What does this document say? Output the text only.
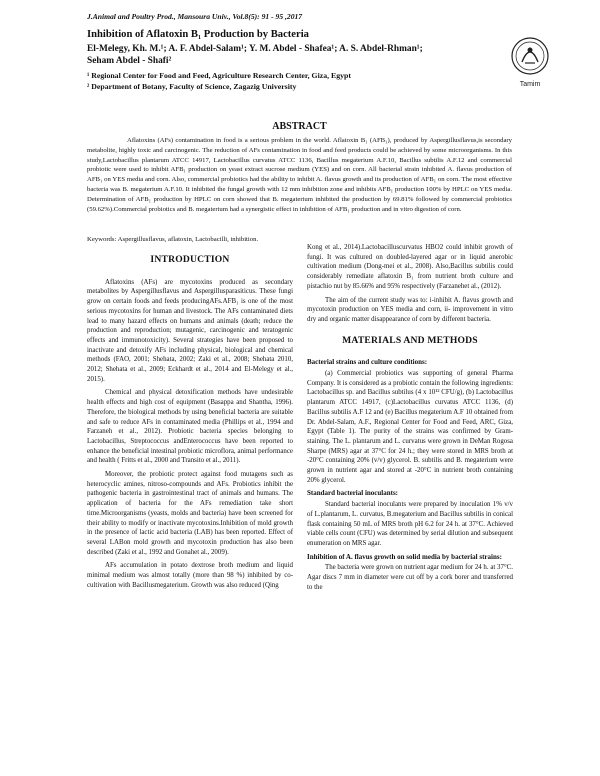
J.Animal and Poultry Prod., Mansoura Univ., Vol.8(5): 91 - 95 ,2017
Inhibition of Aflatoxin B₁ Production by Bacteria
El-Melegy, Kh. M.¹; A. F. Abdel-Salam¹; Y. M. Abdel - Shafea¹; A. S. Abdel-Rhman¹;
Seham Abdel - Shafi²
¹ Regional Center for Food and Feed, Agriculture Research Center, Giza, Egypt
² Department of Botany, Faculty of Science, Zagazig University	Tamim
ABSTRACT

Aflatoxins (AFs) contamination in food is a serious problem in the world. Aflatoxin B₁ (AFB₁), produced by Aspergillusflavus,is secondary metabolite, highly toxic and carcinogenic. The reduction of AFs contamination in food and feed products could be achieved by some microorganisms. In this study,Lactobacillus plantarum ATCC 14917, Lactobacillus curvatus ATCC 1136, Bacillus megaterium A.F.10, Bacillus subtilis A.F.12 and commercial probiotic were used to inhibit AFB₁ production on yeast extract sucrose medium (YES) and on corn. All bacterial strain inhibited A. flavus production of AFB₁ on YES media and corn. Also, commercial probiotics had the ability to inhibit A. flavus growth and its production of AFB₁ on corn. The most effective bacteria was B. megaterium A.F.10. It inhibited the fungal growth with 12 mm inhibition zone and inhibits AFB₁ production 100% by HPLC on YES media. Determination of AFB₁ production by HPLC on corn showed that B. megaterium inhibited the production by 69.81% followed by commercial probiotics (59.62%).Commercial probiotics and B. megaterium had a synergistic effect in inhibition of AFB₁ production and in vitro digestion of corn.

Keywords: Aspergillusflavus, aflatoxin, Lactobacilli, inhibition.

INTRODUCTION

Aflatoxins (AFs) are mycotoxins produced as secondary metabolites by Aspergillusflavus and Aspergillusparasiticus. These fungi grow on certain foods and feeds producingAFs.AFB₁ is one of the most serious mycotoxins for human and livestock. The AFs contaminated diets lead to many hazard effects on humans and animals (death; reduce the production and reproduction; mutagenic, carcinogenic and teratogenic effects and immunotoxicity). Several strategies have been proposed to inactivate and detoxify AFs including physical, biological and chemical methods (FAO, 2001; Shehata, 2002; Zaki et al., 2008; Shehata 2010, 2012; Shehata et al., 2009; Eckhardt et al., 2014 and El-Melegy et al., 2015).

Chemical and physical detoxification methods have undesirable health effects and high cost of equipment (Basappa and Shantha, 1996). Therefore, the biological methods by using beneficial bacteria are suitable and safe to reduce AFs in contaminated media (Phillips et al., 1994 and Farzaneh et al., 2012). Probiotic bacteria species belonging to Lactobacillus, Streptococcus andEnterococcus have been reported to enhance the beneficial intestinal probiotic microflora, animal performance and health ( Fritts et al., 2000 and Transito et al., 2011).

Moreover, the probiotic protect against food mutagens such as heterocyclic amines, nitroso-compounds and AFs. Probiotics inhibit the pathogenic bacteria in gastrointestinal tract of animals and humans. The application of bacteria for the AFs remediation take short time.Microorganisms (yeasts, molds and bacteria) have been screened for their ability to modify or inactivate mycotoxins.Inhibition of mold growth in the presence of lactic acid bacteria (LAB) has been reported. Effect of several LABon mold growth and mycotoxin production has also been described (Zaki et al., 1992 and Gonahet al., 2009).

AFs accumulation in potato dextrose broth medium and liquid minimal medium was almost totally (more than 98 %) inhibited by co-cultivation with Bacillusmegaterium. Growth was also reduced (Qing

Kong et al., 2014).Lactobacilluscurvatus HBO2 could inhibit growth of fungi. It was cultured on doubled-layered agar or in liquid anerobic cultivation medium (Dong-mei et al., 2008). Also,Bacillus subtilis could considerably remediate aflatoxin B₁ from nutrient broth culture and pistachio nut by 85.66% and 95% respectively (Farzanehet al., (2012).

The aim of the current study was to: i-inhibit A. flavus growth and mycotoxin production on YES media and corn, ii- improvement in vitro dry and organic matter disappearance of corn by different bacteria.

MATERIALS AND METHODS
Bacterial strains and culture conditions:

(a) Commercial probiotics was supporting of general Pharma Company. It is considered as a probiotic contain the following ingredients: Lactobacillus sp. and Bacillus subtilus (4 x 10¹² CFU/g), (b) Lactobacillus plantarum ATCC 14917, (c)Lactobacillus curvatus ATCC 1136, (d) Bacillus subtilis A.F 12 and (e) Bacillus megaterium A.F 10 obtained from Dr. Abdel-Salam, A.F., Regional Center for Food and Feed, ARC, Giza, Egypt (Table 1). The purity of the strains was confirmed by Gram-staining. The L. plantarum and L. curvatus were grown in DeMan Rogosa Sharpe (MRS) agar at 37°C for 24 h.; they were stored in MRS broth at -20°C containing 20% (v/v) glycerol. B. subtilis and B. megaterium were grown in nutrient agar and stored at -20°C in nutrient broth containing 20% glycerol.

Standard bacterial inoculants:

Standard bacterial inoculants were prepared by inoculation 1% v/v of L.plantarum, L. curvatus, B.megaterium and Bacillus subtilis in conical flask containing 50 mL of MRS broth pH 6.2 for 24 h. at 37°C. Achieved viable cells count (CFU) was determined by serial dilution and subsequent enumeration on MRS agar.

Inhibition of A. flavus growth on solid media by bacterial strains:

The bacteria were grown on nutrient agar medium for 24 h. at 37°C. Agar discs 7 mm in diameter were cut off by a cork borer and transferred to the
